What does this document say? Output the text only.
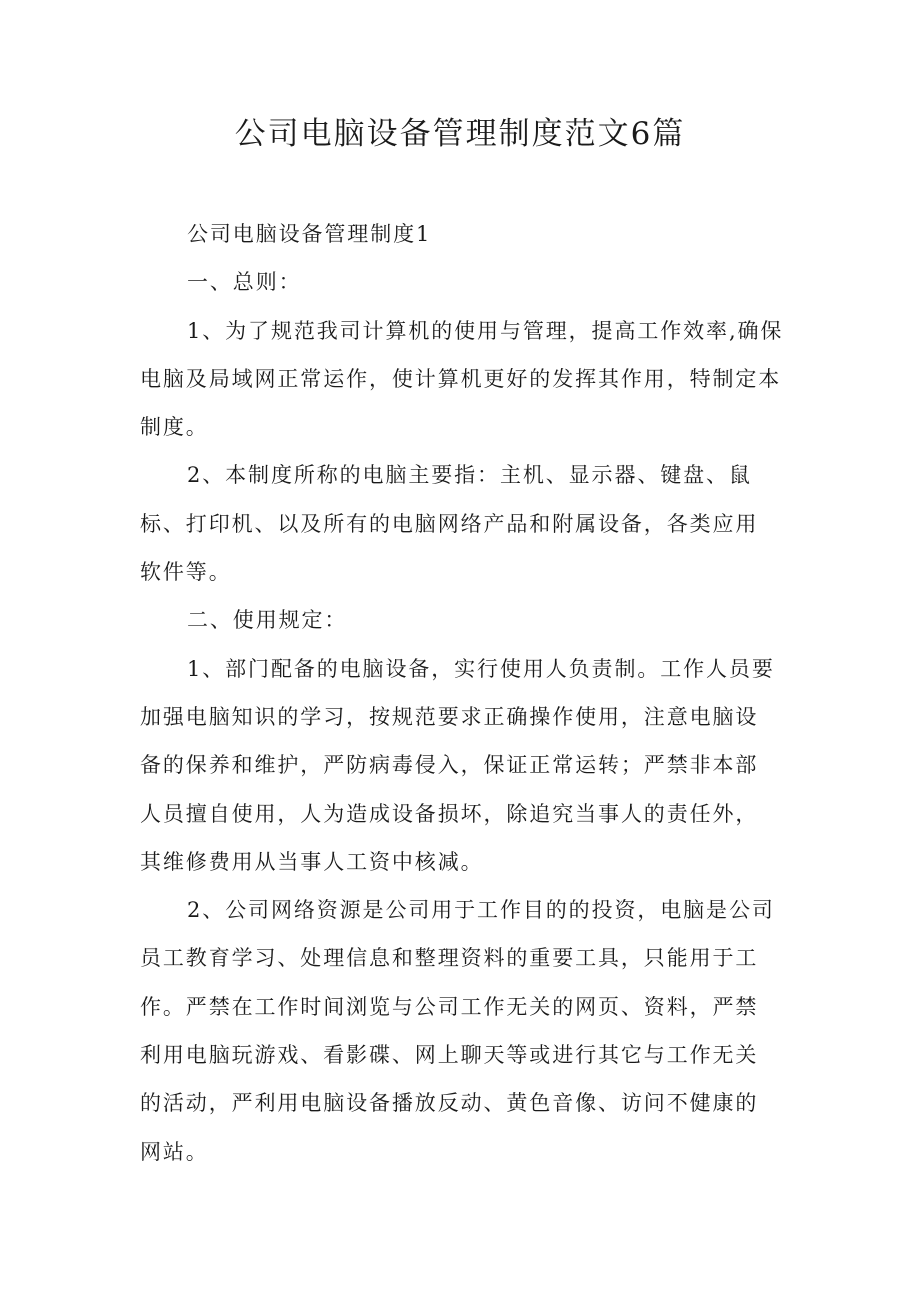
公司电脑设备管理制度范文6篇

公司电脑设备管理制度1

一、总则：

1、为了规范我司计算机的使用与管理，提高工作效率,确保

电脑及局域网正常运作，使计算机更好的发挥其作用，特制定本

制度。

2、本制度所称的电脑主要指：主机、显示器、键盘、鼠

标、打印机、以及所有的电脑网络产品和附属设备，各类应用

软件等。

二、使用规定：

1、部门配备的电脑设备，实行使用人负责制。工作人员要

加强电脑知识的学习，按规范要求正确操作使用，注意电脑设

备的保养和维护，严防病毒侵入，保证正常运转；严禁非本部

人员擅自使用，人为造成设备损坏，除追究当事人的责任外，

其维修费用从当事人工资中核减。

2、公司网络资源是公司用于工作目的的投资，电脑是公司

员工教育学习、处理信息和整理资料的重要工具，只能用于工

作。严禁在工作时间浏览与公司工作无关的网页、资料，严禁

利用电脑玩游戏、看影碟、网上聊天等或进行其它与工作无关

的活动，严利用电脑设备播放反动、黄色音像、访问不健康的

网站。
